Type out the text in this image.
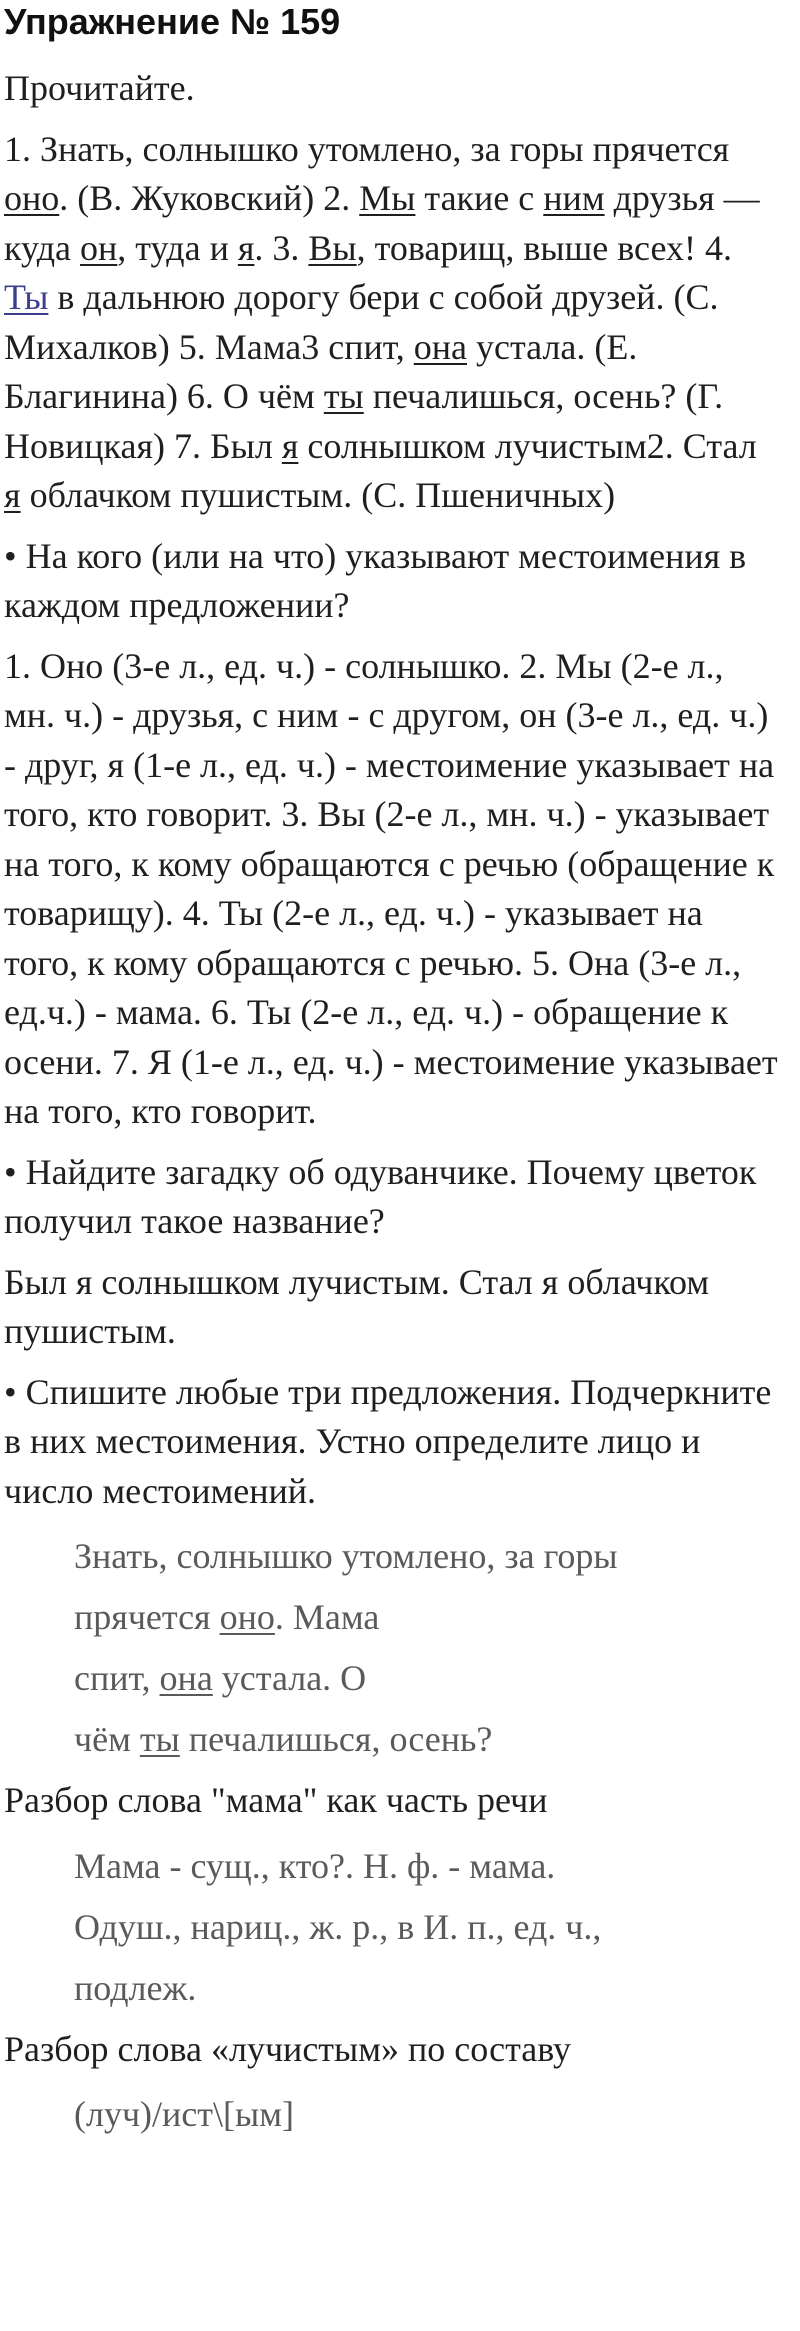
Упражнение № 159
Прочитайте.
1. Знать, солнышко утомлено, за горы прячется оно. (В. Жуковский) 2. Мы такие с ним друзья — куда он, туда и я. 3. Вы, товарищ, выше всех! 4. Ты в дальнюю дорогу бери с собой друзей. (С. Михалков) 5. Мама3 спит, она устала. (Е. Благинина) 6. О чём ты печалишься, осень? (Г. Новицкая) 7. Был я солнышком лучистым2. Стал я облачком пушистым. (С. Пшеничных)
• На кого (или на что) указывают местоимения в каждом предложении?
1. Оно (3-е л., ед. ч.) - солнышко. 2. Мы (2-е л., мн. ч.) - друзья, с ним - с другом, он (3-е л., ед. ч.) - друг, я (1-е л., ед. ч.) - местоимение указывает на того, кто говорит. 3. Вы (2-е л., мн. ч.) - указывает на того, к кому обращаются с речью (обращение к товарищу). 4. Ты (2-е л., ед. ч.) - указывает на того, к кому обращаются с речью. 5. Она (3-е л., ед.ч.) - мама. 6. Ты (2-е л., ед. ч.) - обращение к осени. 7. Я (1-е л., ед. ч.) - местоимение указывает на того, кто говорит.
• Найдите загадку об одуванчике. Почему цветок получил такое название?
Был я солнышком лучистым. Стал я облачком пушистым.
• Спишите любые три предложения. Подчеркните в них местоимения. Устно определите лицо и число местоимений.
Знать, солнышко утомлено, за горы
прячется оно. Мама
спит, она устала. О
чём ты печалишься, осень?
Разбор слова "мама" как часть речи
Мама - сущ., кто?. Н. ф. - мама.
Одуш., нариц., ж. р., в И. п., ед. ч.,
подлеж.
Разбор слова «лучистым» по составу
(луч)/ист\[ым]
